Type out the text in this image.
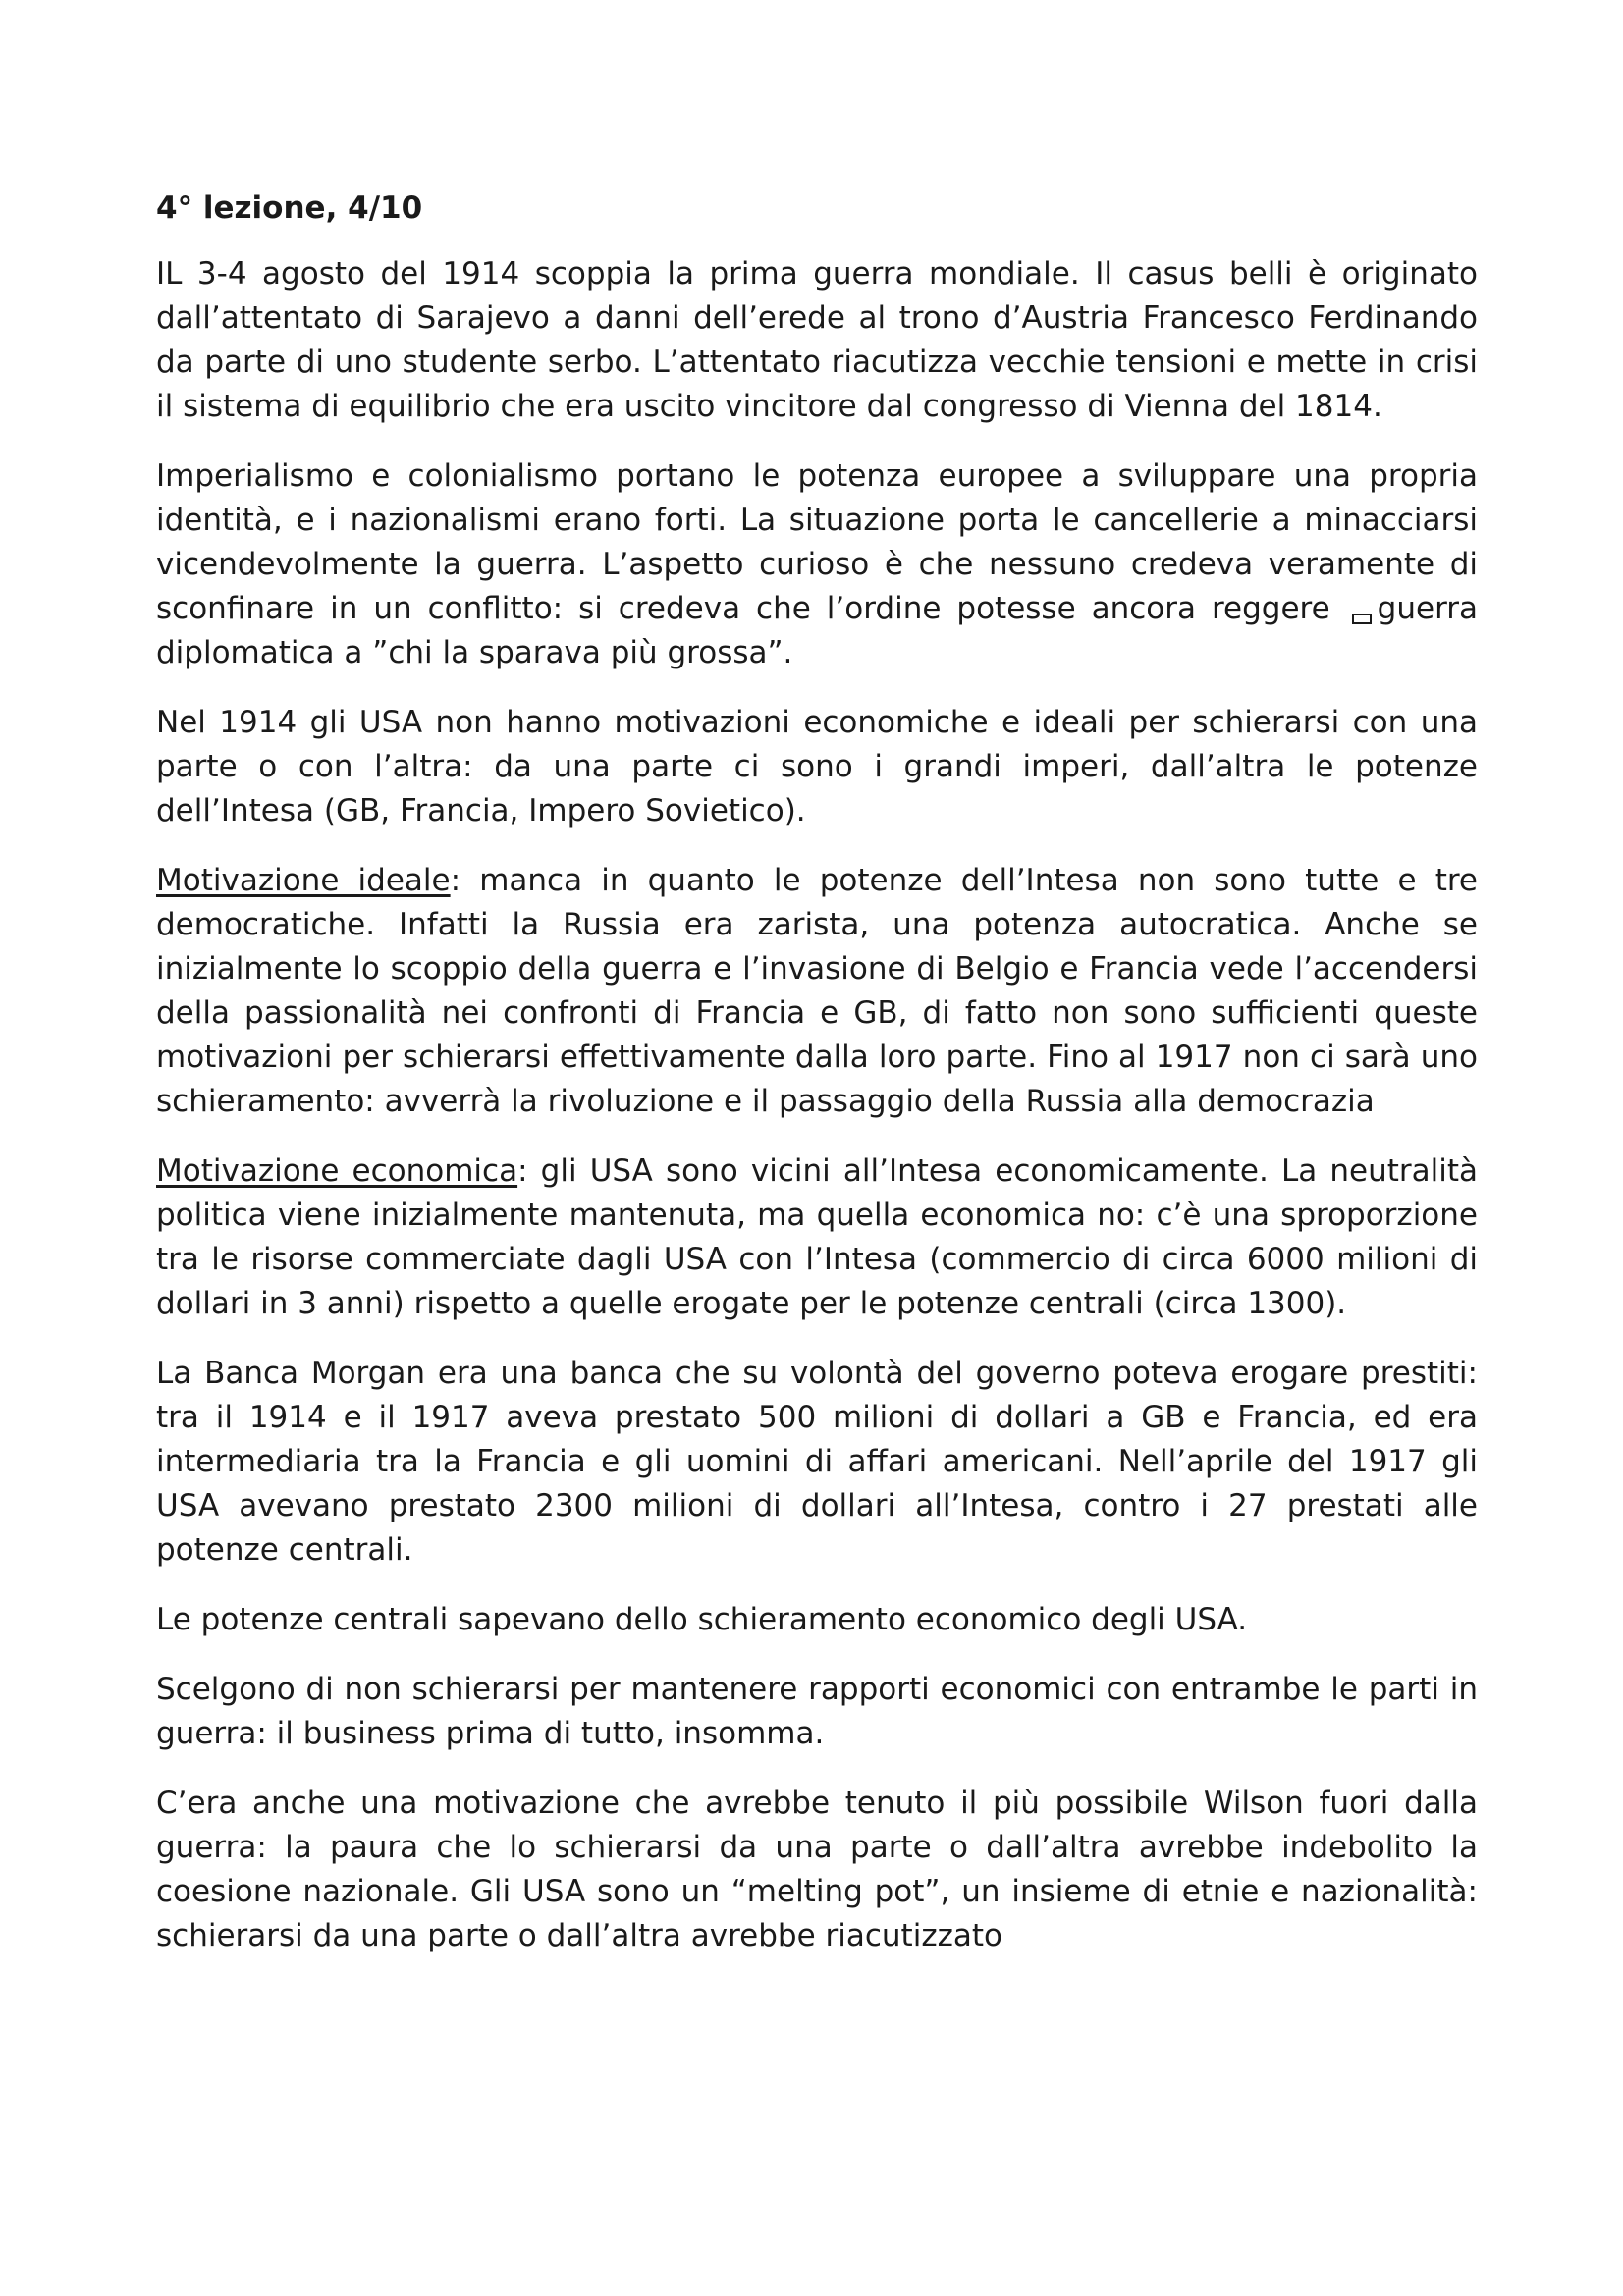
4° lezione, 4/10

IL 3-4 agosto del 1914 scoppia la prima guerra mondiale. Il casus belli è originato dall’attentato di Sarajevo a danni dell’erede al trono d’Austria Francesco Ferdinando da parte di uno studente serbo. L’attentato riacutizza vecchie tensioni e mette in crisi il sistema di equilibrio che era uscito vincitore dal congresso di Vienna del 1814.

Imperialismo e colonialismo portano le potenza europee a sviluppare una propria identità, e i nazionalismi erano forti. La situazione porta le cancellerie a minacciarsi vicendevolmente la guerra. L’aspetto curioso è che nessuno credeva veramente di sconfinare in un conflitto: si credeva che l’ordine potesse ancora reggere guerra diplomatica a ”chi la sparava più grossa”.

Nel 1914 gli USA non hanno motivazioni economiche e ideali per schierarsi con una parte o con l’altra: da una parte ci sono i grandi imperi, dall’altra le potenze dell’Intesa (GB, Francia, Impero Sovietico).

Motivazione ideale: manca in quanto le potenze dell’Intesa non sono tutte e tre democratiche. Infatti la Russia era zarista, una potenza autocratica. Anche se inizialmente lo scoppio della guerra e l’invasione di Belgio e Francia vede l’accendersi della passionalità nei confronti di Francia e GB, di fatto non sono sufficienti queste motivazioni per schierarsi effettivamente dalla loro parte. Fino al 1917 non ci sarà uno schieramento: avverrà la rivoluzione e il passaggio della Russia alla democrazia

Motivazione economica: gli USA sono vicini all’Intesa economicamente. La neutralità politica viene inizialmente mantenuta, ma quella economica no: c’è una sproporzione tra le risorse commerciate dagli USA con l’Intesa (commercio di circa 6000 milioni di dollari in 3 anni) rispetto a quelle erogate per le potenze centrali (circa 1300).

La Banca Morgan era una banca che su volontà del governo poteva erogare prestiti: tra il 1914 e il 1917 aveva prestato 500 milioni di dollari a GB e Francia, ed era intermediaria tra la Francia e gli uomini di affari americani. Nell’aprile del 1917 gli USA avevano prestato 2300 milioni di dollari all’Intesa, contro i 27 prestati alle potenze centrali.

Le potenze centrali sapevano dello schieramento economico degli USA.

Scelgono di non schierarsi per mantenere rapporti economici con entrambe le parti in guerra: il business prima di tutto, insomma.

C’era anche una motivazione che avrebbe tenuto il più possibile Wilson fuori dalla guerra: la paura che lo schierarsi da una parte o dall’altra avrebbe indebolito la coesione nazionale. Gli USA sono un “melting pot”, un insieme di etnie e nazionalità: schierarsi da una parte o dall’altra avrebbe riacutizzato
